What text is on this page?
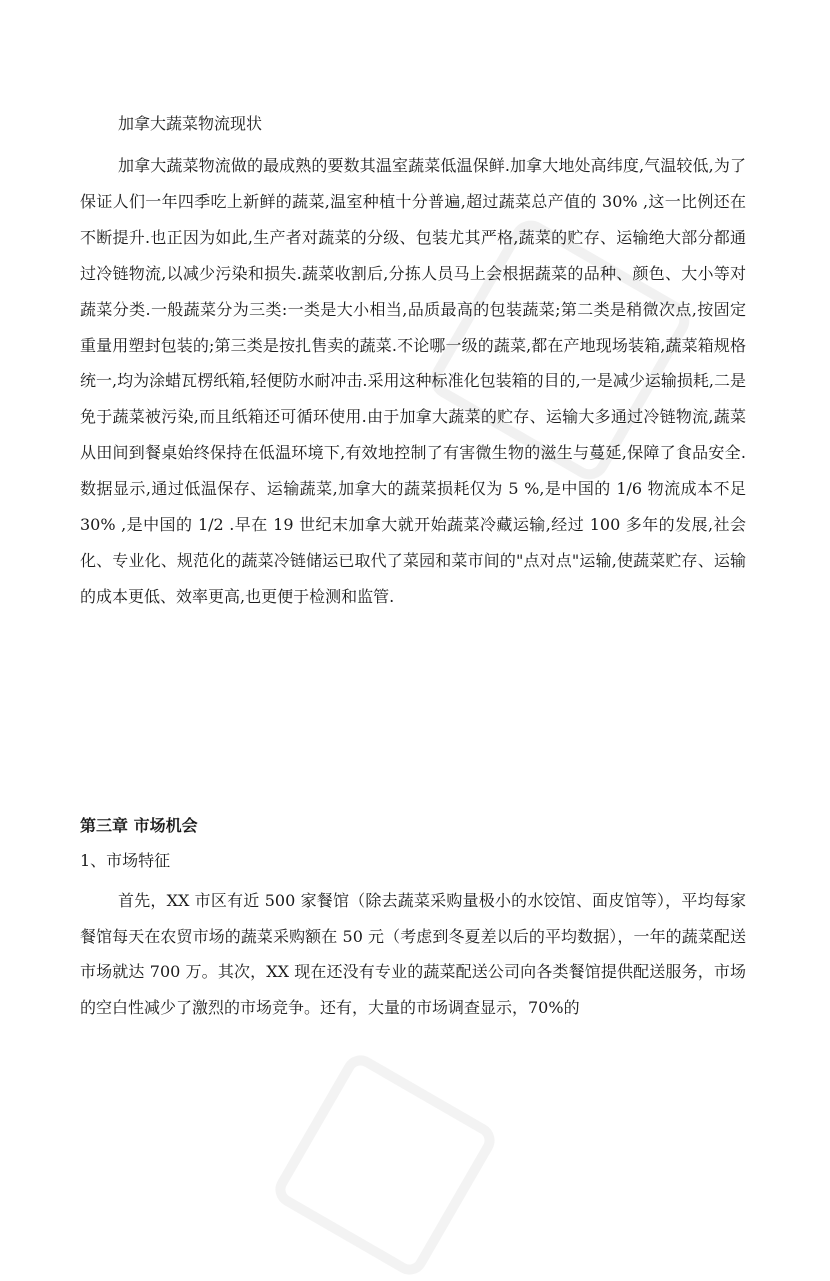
加拿大蔬菜物流现状

加拿大蔬菜物流做的最成熟的要数其温室蔬菜低温保鲜.加拿大地处高纬度,气温较低,为了保证人们一年四季吃上新鲜的蔬菜,温室种植十分普遍,超过蔬菜总产值的 30% ,这一比例还在不断提升.也正因为如此,生产者对蔬菜的分级、包装尤其严格,蔬菜的贮存、运输绝大部分都通过冷链物流,以减少污染和损失.蔬菜收割后,分拣人员马上会根据蔬菜的品种、颜色、大小等对蔬菜分类.一般蔬菜分为三类:一类是大小相当,品质最高的包装蔬菜;第二类是稍微次点,按固定重量用塑封包装的;第三类是按扎售卖的蔬菜.不论哪一级的蔬菜,都在产地现场装箱,蔬菜箱规格统一,均为涂蜡瓦楞纸箱,轻便防水耐冲击.采用这种标准化包装箱的目的,一是减少运输损耗,二是免于蔬菜被污染,而且纸箱还可循环使用.由于加拿大蔬菜的贮存、运输大多通过冷链物流,蔬菜从田间到餐桌始终保持在低温环境下,有效地控制了有害微生物的滋生与蔓延,保障了食品安全.数据显示,通过低温保存、运输蔬菜,加拿大的蔬菜损耗仅为 5 %,是中国的 1/6 物流成本不足 30% ,是中国的 1/2 .早在 19 世纪末加拿大就开始蔬菜冷藏运输,经过 100 多年的发展,社会化、专业化、规范化的蔬菜冷链储运已取代了菜园和菜市间的"点对点"运输,使蔬菜贮存、运输的成本更低、效率更高,也更便于检测和监管.

第三章 市场机会
1、市场特征

首先，XX 市区有近 500 家餐馆（除去蔬菜采购量极小的水饺馆、面皮馆等），平均每家餐馆每天在农贸市场的蔬菜采购额在 50 元（考虑到冬夏差以后的平均数据），一年的蔬菜配送市场就达 700 万。其次，XX 现在还没有专业的蔬菜配送公司向各类餐馆提供配送服务，市场的空白性减少了激烈的市场竞争。还有，大量的市场调查显示，70%的
